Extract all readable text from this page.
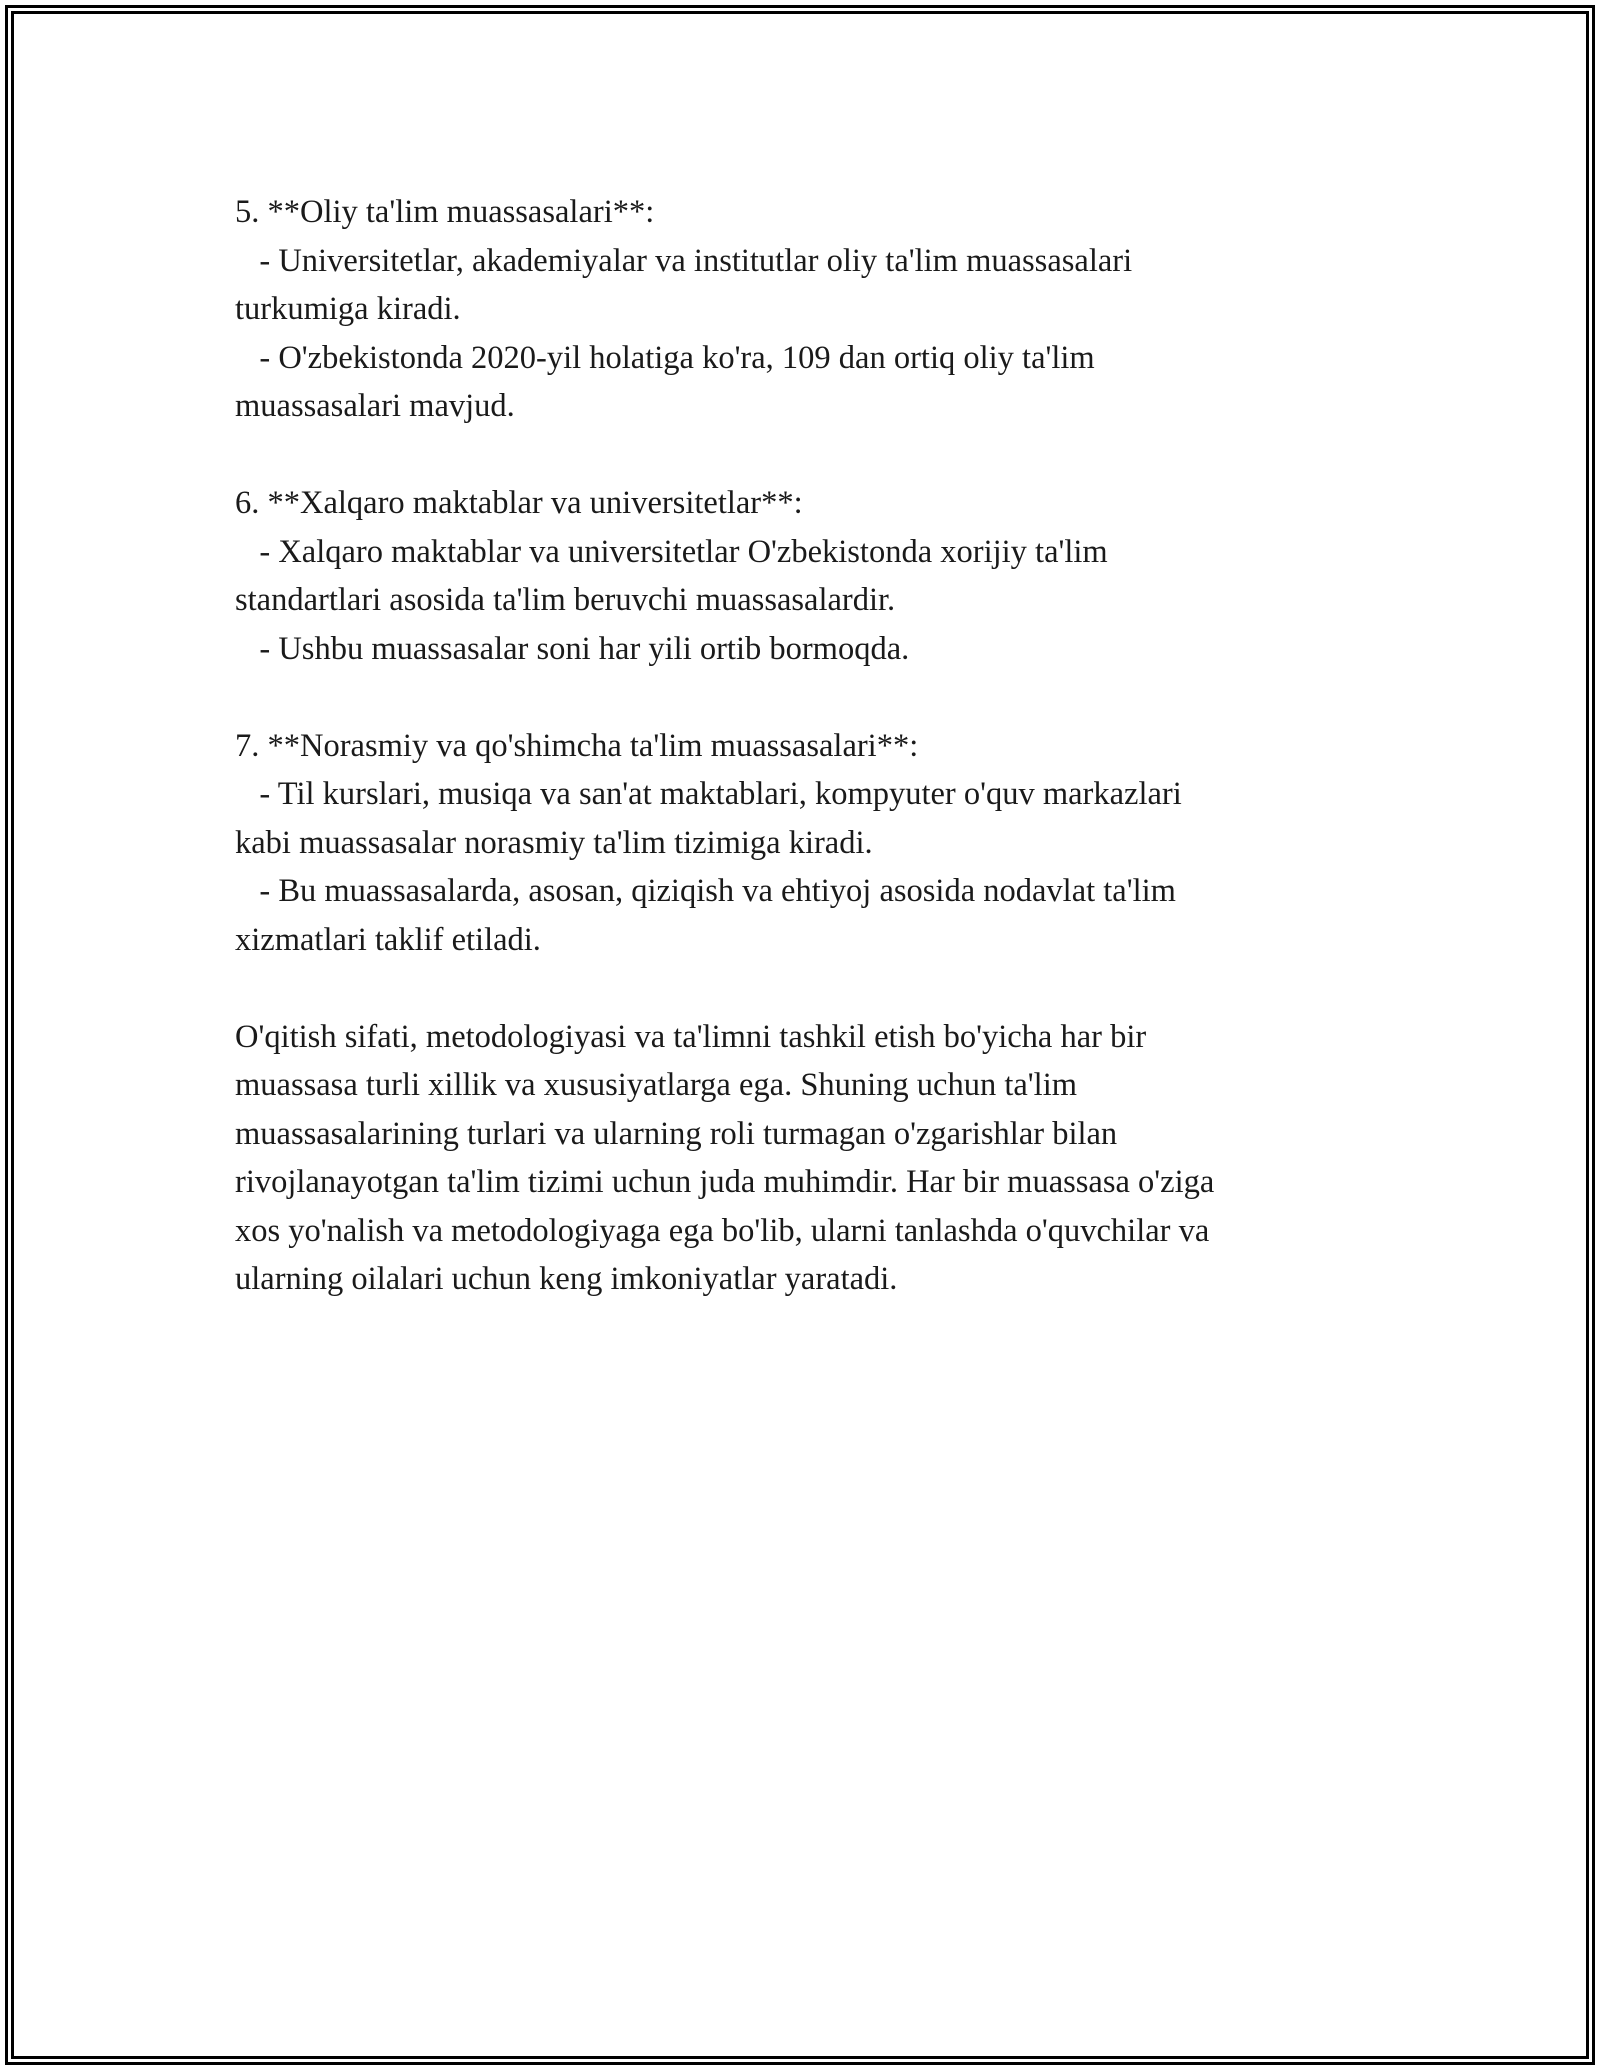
5. **Oliy ta'lim muassasalari**:
- Universitetlar, akademiyalar va institutlar oliy ta'lim muassasalari
turkumiga kiradi.
- O'zbekistonda 2020-yil holatiga ko'ra, 109 dan ortiq oliy ta'lim
muassasalari mavjud.
6. **Xalqaro maktablar va universitetlar**:
- Xalqaro maktablar va universitetlar O'zbekistonda xorijiy ta'lim
standartlari asosida ta'lim beruvchi muassasalardir.
- Ushbu muassasalar soni har yili ortib bormoqda.
7. **Norasmiy va qo'shimcha ta'lim muassasalari**:
- Til kurslari, musiqa va san'at maktablari, kompyuter o'quv markazlari
kabi muassasalar norasmiy ta'lim tizimiga kiradi.
- Bu muassasalarda, asosan, qiziqish va ehtiyoj asosida nodavlat ta'lim
xizmatlari taklif etiladi.
O'qitish sifati, metodologiyasi va ta'limni tashkil etish bo'yicha har bir
muassasa turli xillik va xususiyatlarga ega. Shuning uchun ta'lim
muassasalarining turlari va ularning roli turmagan o'zgarishlar bilan
rivojlanayotgan ta'lim tizimi uchun juda muhimdir. Har bir muassasa o'ziga
xos yo'nalish va metodologiyaga ega bo'lib, ularni tanlashda o'quvchilar va
ularning oilalari uchun keng imkoniyatlar yaratadi.
